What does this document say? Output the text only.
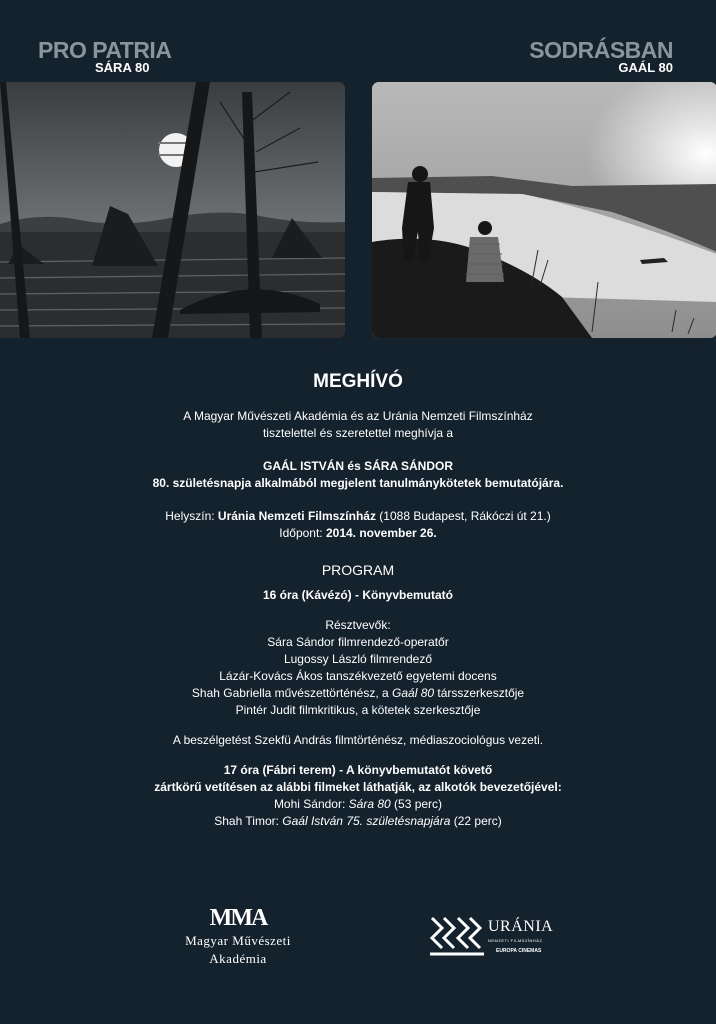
PRO PATRIA
SÁRA 80
SODRÁSBAN
GAÁL 80

MEGHÍVÓ

A Magyar Művészeti Akadémia és az Uránia Nemzeti Filmszínház

tisztelettel és szeretettel meghívja a

GAÁL ISTVÁN és SÁRA SÁNDOR

80. születésnapja alkalmából megjelent tanulmánykötetek bemutatójára.

Helyszín: Uránia Nemzeti Filmszínház (1088 Budapest, Rákóczi út 21.)

Időpont: 2014. november 26.

PROGRAM

16 óra (Kávézó) - Könyvbemutató

Résztvevők:

Sára Sándor filmrendező-operatőr

Lugossy László filmrendező

Lázár-Kovács Ákos tanszékvezető egyetemi docens

Shah Gabriella művészettörténész, a Gaál 80 társszerkesztője

Pintér Judit filmkritikus, a kötetek szerkesztője

A beszélgetést Szekfü András filmtörténész, médiaszociológus vezeti.

17 óra (Fábri terem) - A könyvbemutatót követő

zártkörű vetítésen az alábbi filmeket láthatják, az alkotók bevezetőjével:

Mohi Sándor: Sára 80 (53 perc)

Shah Timor: Gaál István 75. születésnapjára (22 perc)

MMA
Magyar Művészeti
Akadémia
URÁNIA
NEMZETI FILMSZÍNHÁZ
EUROPA CINEMAS
